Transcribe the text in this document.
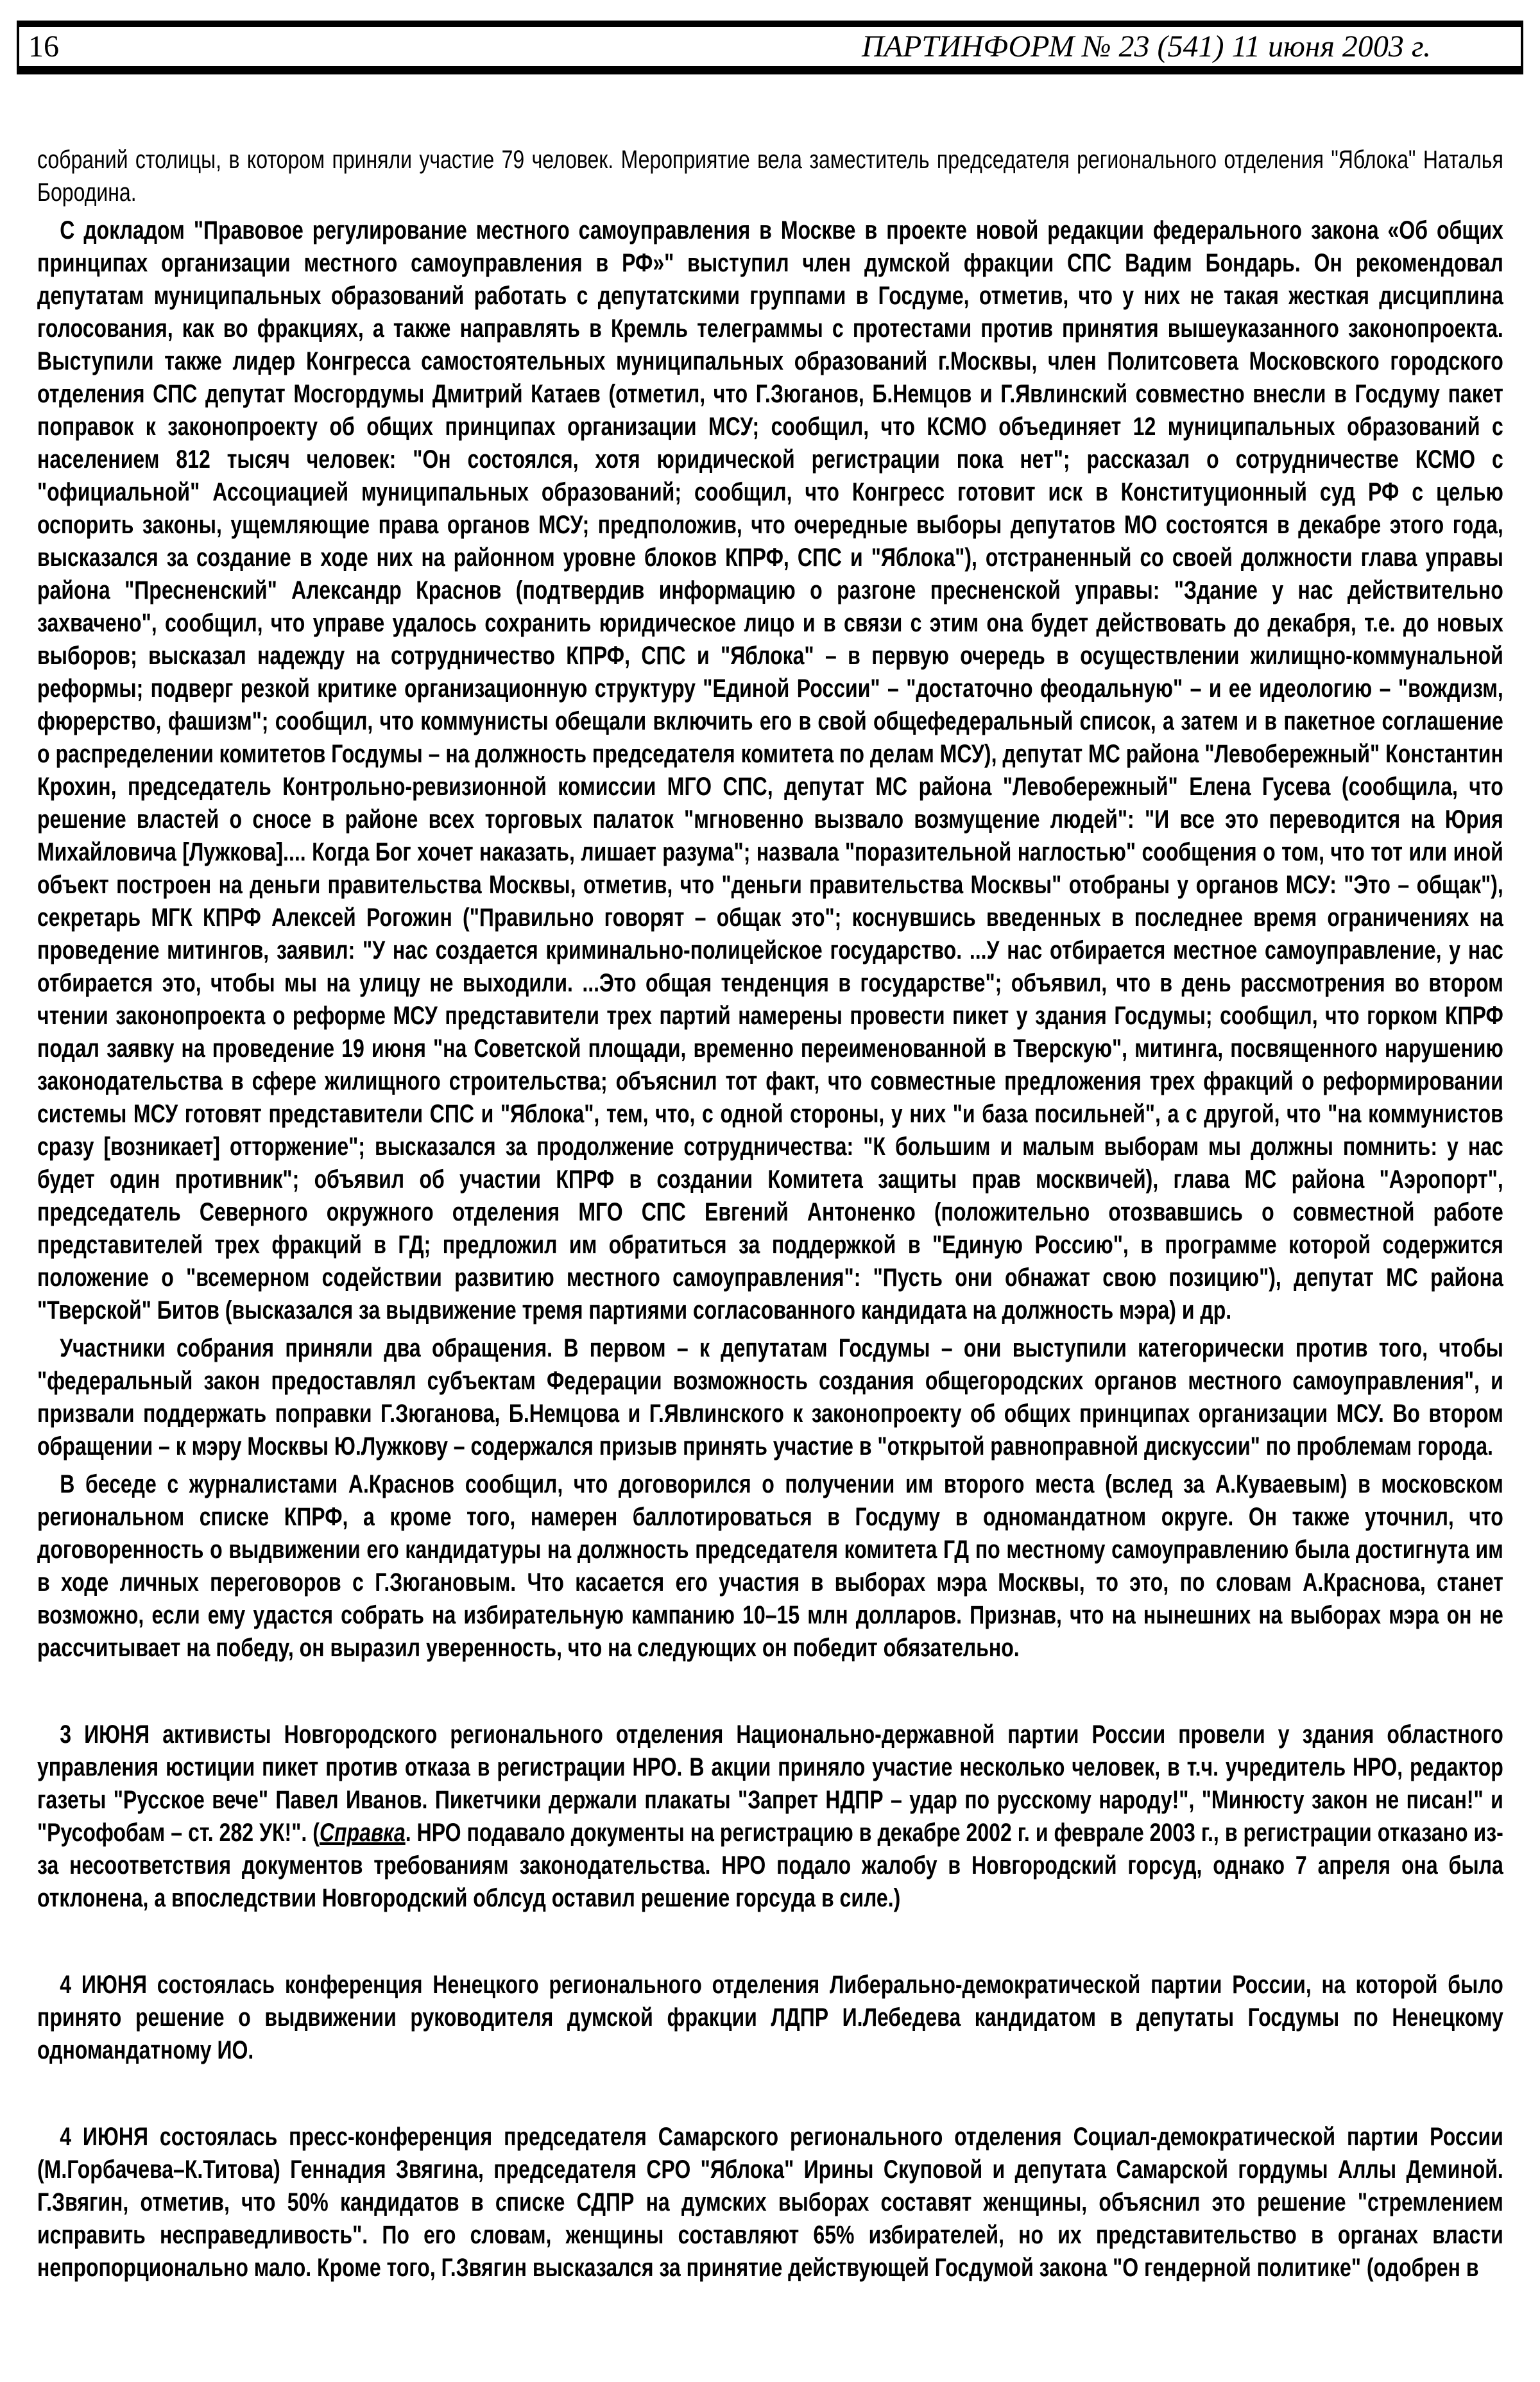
16	ПАРТИНФОРМ № 23 (541) 11 июня 2003 г.

собраний столицы, в котором приняли участие 79 человек. Мероприятие вела заместитель председателя регионального отделения "Яблока" Наталья Бородина.

С докладом "Правовое регулирование местного самоуправления в Москве в проекте новой редакции федерального закона «Об общих принципах организации местного самоуправления в РФ»" выступил член думской фракции СПС Вадим Бондарь. Он рекомендовал депутатам муниципальных образований работать с депутатскими группами в Госдуме, отметив, что у них не такая жесткая дисциплина голосования, как во фракциях, а также направлять в Кремль телеграммы с протестами против принятия вышеуказанного законопроекта. Выступили также лидер Конгресса самостоятельных муниципальных образований г.Москвы, член Политсовета Московского городского отделения СПС депутат Мосгордумы Дмитрий Катаев (отметил, что Г.Зюганов, Б.Немцов и Г.Явлинский совместно внесли в Госдуму пакет поправок к законопроекту об общих принципах организации МСУ; сообщил, что КСМО объединяет 12 муниципальных образований с населением 812 тысяч человек: "Он состоялся, хотя юридической регистрации пока нет"; рассказал о сотрудничестве КСМО с "официальной" Ассоциацией муниципальных образований; сообщил, что Конгресс готовит иск в Конституционный суд РФ с целью оспорить законы, ущемляющие права органов МСУ; предположив, что очередные выборы депутатов МО состоятся в декабре этого года, высказался за создание в ходе них на районном уровне блоков КПРФ, СПС и "Яблока"), отстраненный со своей должности глава управы района "Пресненский" Александр Краснов (подтвердив информацию о разгоне пресненской управы: "Здание у нас действительно захвачено", сообщил, что управе удалось сохранить юридическое лицо и в связи с этим она будет действовать до декабря, т.е. до новых выборов; высказал надежду на сотрудничество КПРФ, СПС и "Яблока" – в первую очередь в осуществлении жилищно-коммунальной реформы; подверг резкой критике организационную структуру "Единой России" – "достаточно феодальную" – и ее идеологию – "вождизм, фюрерство, фашизм"; сообщил, что коммунисты обещали включить его в свой общефедеральный список, а затем и в пакетное соглашение о распределении комитетов Госдумы – на должность председателя комитета по делам МСУ), депутат МС района "Левобережный" Константин Крохин, председатель Контрольно-ревизионной комиссии МГО СПС, депутат МС района "Левобережный" Елена Гусева (сообщила, что решение властей о сносе в районе всех торговых палаток "мгновенно вызвало возмущение людей": "И все это переводится на Юрия Михайловича [Лужкова].... Когда Бог хочет наказать, лишает разума"; назвала "поразительной наглостью" сообщения о том, что тот или иной объект построен на деньги правительства Москвы, отметив, что "деньги правительства Москвы" отобраны у органов МСУ: "Это – общак"), секретарь МГК КПРФ Алексей Рогожин ("Правильно говорят – общак это"; коснувшись введенных в последнее время ограничениях на проведение митингов, заявил: "У нас создается криминально-полицейское государство. ...У нас отбирается местное самоуправление, у нас отбирается это, чтобы мы на улицу не выходили. ...Это общая тенденция в государстве"; объявил, что в день рассмотрения во втором чтении законопроекта о реформе МСУ представители трех партий намерены провести пикет у здания Госдумы; сообщил, что горком КПРФ подал заявку на проведение 19 июня "на Советской площади, временно переименованной в Тверскую", митинга, посвященного нарушению законодательства в сфере жилищного строительства; объяснил тот факт, что совместные предложения трех фракций о реформировании системы МСУ готовят представители СПС и "Яблока", тем, что, с одной стороны, у них "и база посильней", а с другой, что "на коммунистов сразу [возникает] отторжение"; высказался за продолжение сотрудничества: "К большим и малым выборам мы должны помнить: у нас будет один противник"; объявил об участии КПРФ в создании Комитета защиты прав москвичей), глава МС района "Аэропорт", председатель Северного окружного отделения МГО СПС Евгений Антоненко (положительно отозвавшись о совместной работе представителей трех фракций в ГД; предложил им обратиться за поддержкой в "Единую Россию", в программе которой содержится положение о "всемерном содействии развитию местного самоуправления": "Пусть они обнажат свою позицию"), депутат МС района "Тверской" Битов (высказался за выдвижение тремя партиями согласованного кандидата на должность мэра) и др.

Участники собрания приняли два обращения. В первом – к депутатам Госдумы – они выступили категорически против того, чтобы "федеральный закон предоставлял субъектам Федерации возможность создания общегородских органов местного самоуправления", и призвали поддержать поправки Г.Зюганова, Б.Немцова и Г.Явлинского к законопроекту об общих принципах организации МСУ. Во втором обращении – к мэру Москвы Ю.Лужкову – содержался призыв принять участие в "открытой равноправной дискуссии" по проблемам города.

В беседе с журналистами А.Краснов сообщил, что договорился о получении им второго места (вслед за А.Куваевым) в московском региональном списке КПРФ, а кроме того, намерен баллотироваться в Госдуму в одномандатном округе. Он также уточнил, что договоренность о выдвижении его кандидатуры на должность председателя комитета ГД по местному самоуправлению была достигнута им в ходе личных переговоров с Г.Зюгановым. Что касается его участия в выборах мэра Москвы, то это, по словам А.Краснова, станет возможно, если ему удастся собрать на избирательную кампанию 10–15 млн долларов. Признав, что на нынешних на выборах мэра он не рассчитывает на победу, он выразил уверенность, что на следующих он победит обязательно.

3 ИЮНЯ активисты Новгородского регионального отделения Национально-державной партии России провели у здания областного управления юстиции пикет против отказа в регистрации НРО. В акции приняло участие несколько человек, в т.ч. учредитель НРО, редактор газеты "Русское вече" Павел Иванов. Пикетчики держали плакаты "Запрет НДПР – удар по русскому народу!", "Минюсту закон не писан!" и "Русофобам – ст. 282 УК!". (Справка. НРО подавало документы на регистрацию в декабре 2002 г. и феврале 2003 г., в регистрации отказано из-за несоответствия документов требованиям законодательства. НРО подало жалобу в Новгородский горсуд, однако 7 апреля она была отклонена, а впоследствии Новгородский облсуд оставил решение горсуда в силе.)

4 ИЮНЯ состоялась конференция Ненецкого регионального отделения Либерально-демократической партии России, на которой было принято решение о выдвижении руководителя думской фракции ЛДПР И.Лебедева кандидатом в депутаты Госдумы по Ненецкому одномандатному ИО.

4 ИЮНЯ состоялась пресс-конференция председателя Самарского регионального отделения Социал-демократической партии России (М.Горбачева–К.Титова) Геннадия Звягина, председателя СРО "Яблока" Ирины Скуповой и депутата Самарской гордумы Аллы Деминой. Г.Звягин, отметив, что 50% кандидатов в списке СДПР на думских выборах составят женщины, объяснил это решение "стремлением исправить несправедливость". По его словам, женщины составляют 65% избирателей, но их представительство в органах власти непропорционально мало. Кроме того, Г.Звягин высказался за принятие действующей Госдумой закона "О гендерной политике" (одобрен в
